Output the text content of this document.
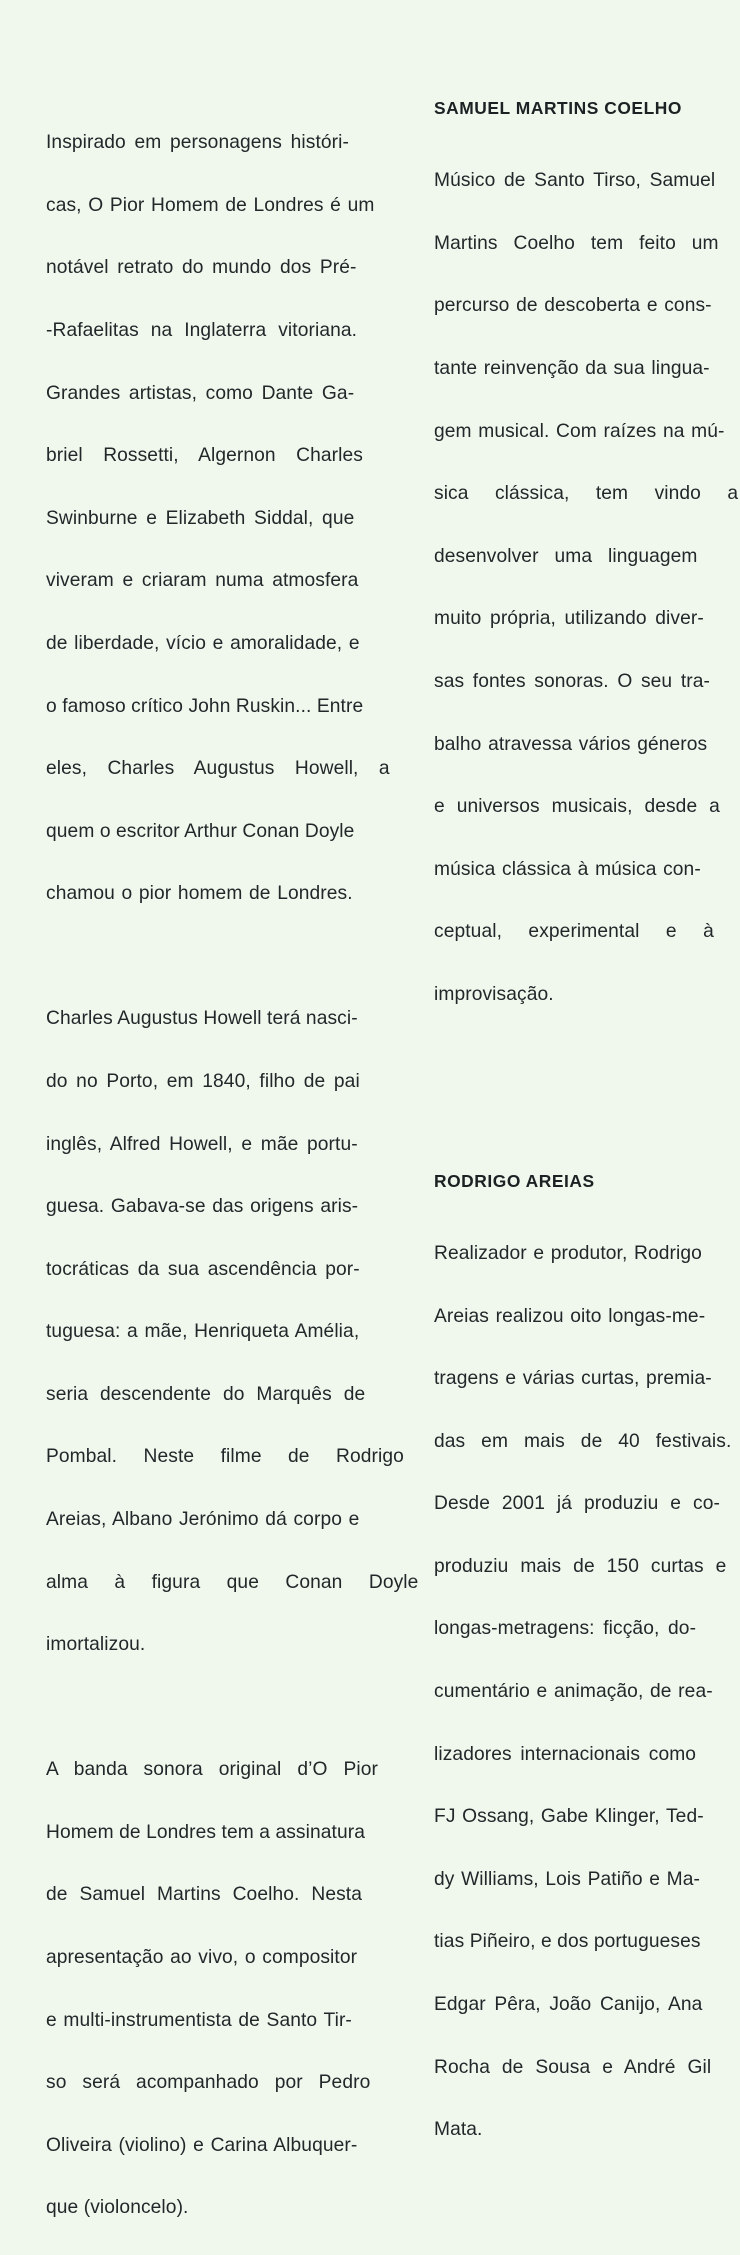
Inspirado em personagens históri-

cas, O Pior Homem de Londres é um

notável retrato do mundo dos Pré-

-Rafaelitas na Inglaterra vitoriana.

Grandes artistas, como Dante Ga-

briel Rossetti, Algernon Charles

Swinburne e Elizabeth Siddal, que

viveram e criaram numa atmosfera

de liberdade, vício e amoralidade, e

o famoso crítico John Ruskin... Entre

eles, Charles Augustus Howell, a

quem o escritor Arthur Conan Doyle

chamou o pior homem de Londres.

Charles Augustus Howell terá nasci-

do no Porto, em 1840, filho de pai

inglês, Alfred Howell, e mãe portu-

guesa. Gabava-se das origens aris-

tocráticas da sua ascendência por-

tuguesa: a mãe, Henriqueta Amélia,

seria descendente do Marquês de

Pombal. Neste filme de Rodrigo

Areias, Albano Jerónimo dá corpo e

alma à figura que Conan Doyle

imortalizou.

A banda sonora original d’O Pior

Homem de Londres tem a assinatura

de Samuel Martins Coelho. Nesta

apresentação ao vivo, o compositor

e multi-instrumentista de Santo Tir-

so será acompanhado por Pedro

Oliveira (violino) e Carina Albuquer-

que (violoncelo).

SAMUEL MARTINS COELHO

Músico de Santo Tirso, Samuel

Martins Coelho tem feito um

percurso de descoberta e cons-

tante reinvenção da sua lingua-

gem musical. Com raízes na mú-

sica clássica, tem vindo a

desenvolver uma linguagem

muito própria, utilizando diver-

sas fontes sonoras. O seu tra-

balho atravessa vários géneros

e universos musicais, desde a

música clássica à música con-

ceptual, experimental e à

improvisação.

RODRIGO AREIAS

Realizador e produtor, Rodrigo

Areias realizou oito longas-me-

tragens e várias curtas, premia-

das em mais de 40 festivais.

Desde 2001 já produziu e co-

produziu mais de 150 curtas e

longas-metragens: ficção, do-

cumentário e animação, de rea-

lizadores internacionais como

FJ Ossang, Gabe Klinger, Ted-

dy Williams, Lois Patiño e Ma-

tias Piñeiro, e dos portugueses

Edgar Pêra, João Canijo, Ana

Rocha de Sousa e André Gil

Mata.
